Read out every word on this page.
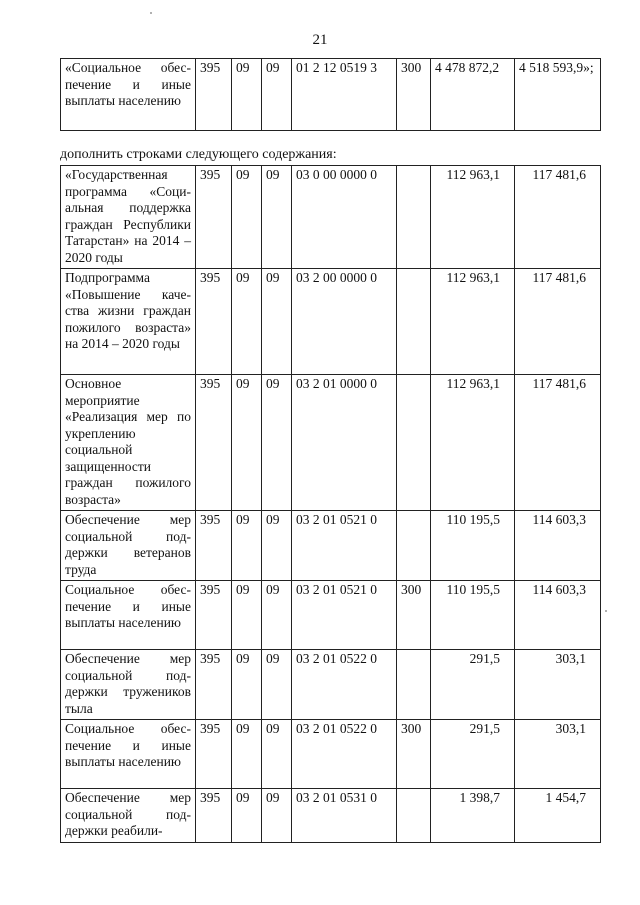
21
«Социальное обеспечение и иные выплаты населению	395	09	09	01 2 12 0519 3	300	4 478 872,2	4 518 593,9»;
дополнить строками следующего содержания:
«Государственная программа «Социальная поддержка граждан Республики Татарстан» на 2014 – 2020 годы	395	09	09	03 0 00 0000 0		112 963,1	117 481,6
Подпрограмма «Повышение качества жизни граждан пожилого возраста» на 2014 – 2020 годы	395	09	09	03 2 00 0000 0		112 963,1	117 481,6
Основное мероприятие «Реализация мер по укреплению социальной защищенности граждан пожилого возраста»	395	09	09	03 2 01 0000 0		112 963,1	117 481,6
Обеспечение мер социальной поддержки ветеранов труда	395	09	09	03 2 01 0521 0		110 195,5	114 603,3
Социальное обеспечение и иные выплаты населению	395	09	09	03 2 01 0521 0	300	110 195,5	114 603,3
Обеспечение мер социальной поддержки тружеников тыла	395	09	09	03 2 01 0522 0		291,5	303,1
Социальное обеспечение и иные выплаты населению	395	09	09	03 2 01 0522 0	300	291,5	303,1
Обеспечение мер социальной поддержки реабили-	395	09	09	03 2 01 0531 0		1 398,7	1 454,7
